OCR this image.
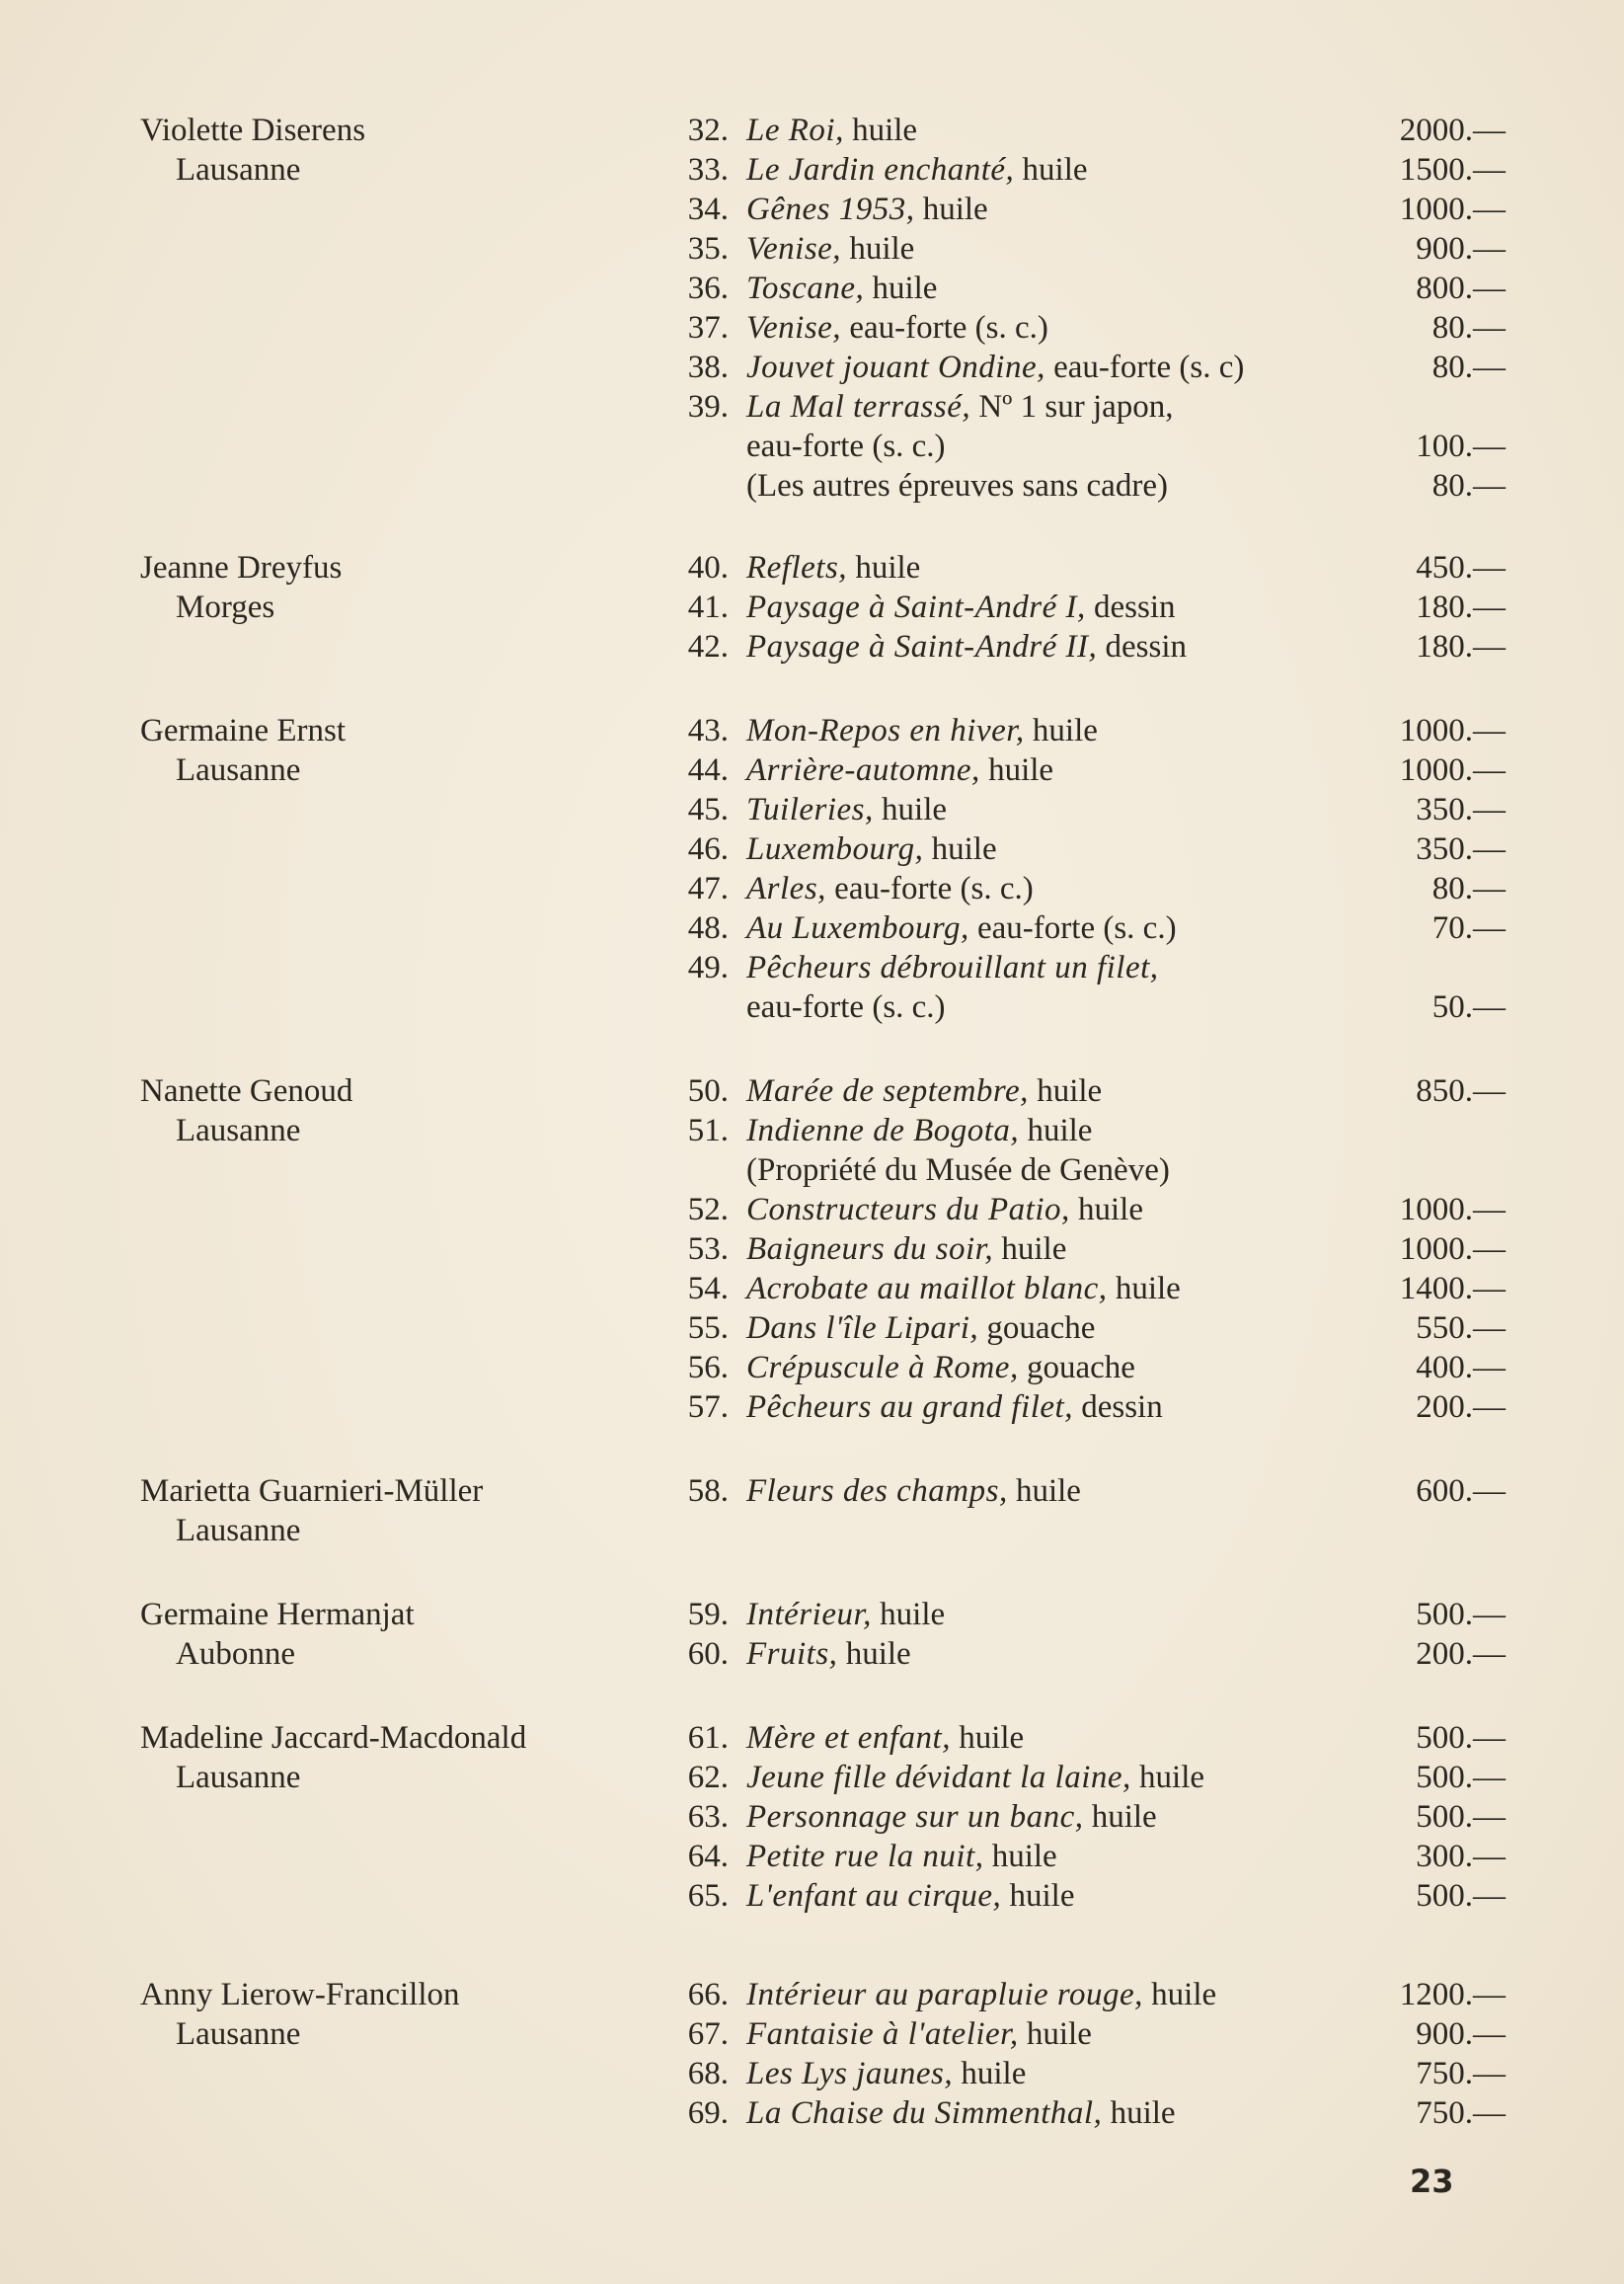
Violette Diserens
Lausanne
32. Le Roi, huile	2000.—
33. Le Jardin enchanté, huile	1500.—
34. Gênes 1953, huile	1000.—
35. Venise, huile	900.—
36. Toscane, huile	800.—
37. Venise, eau-forte (s. c.)	80.—
38. Jouvet jouant Ondine, eau-forte (s. c)	80.—
39. La Mal terrassé, Nº 1 sur japon,
eau-forte (s. c.)	100.—
(Les autres épreuves sans cadre)	80.—
Jeanne Dreyfus
Morges
40. Reflets, huile	450.—
41. Paysage à Saint-André I, dessin	180.—
42. Paysage à Saint-André II, dessin	180.—
Germaine Ernst
Lausanne
43. Mon-Repos en hiver, huile	1000.—
44. Arrière-automne, huile	1000.—
45. Tuileries, huile	350.—
46. Luxembourg, huile	350.—
47. Arles, eau-forte (s. c.)	80.—
48. Au Luxembourg, eau-forte (s. c.)	70.—
49. Pêcheurs débrouillant un filet,
eau-forte (s. c.)	50.—
Nanette Genoud
Lausanne
50. Marée de septembre, huile	850.—
51. Indienne de Bogota, huile
(Propriété du Musée de Genève)
52. Constructeurs du Patio, huile	1000.—
53. Baigneurs du soir, huile	1000.—
54. Acrobate au maillot blanc, huile	1400.—
55. Dans l'île Lipari, gouache	550.—
56. Crépuscule à Rome, gouache	400.—
57. Pêcheurs au grand filet, dessin	200.—
Marietta Guarnieri-Müller
Lausanne
58. Fleurs des champs, huile	600.—
Germaine Hermanjat
Aubonne
59. Intérieur, huile	500.—
60. Fruits, huile	200.—
Madeline Jaccard-Macdonald
Lausanne
61. Mère et enfant, huile	500.—
62. Jeune fille dévidant la laine, huile	500.—
63. Personnage sur un banc, huile	500.—
64. Petite rue la nuit, huile	300.—
65. L'enfant au cirque, huile	500.—
Anny Lierow-Francillon
Lausanne
66. Intérieur au parapluie rouge, huile	1200.—
67. Fantaisie à l'atelier, huile	900.—
68. Les Lys jaunes, huile	750.—
69. La Chaise du Simmenthal, huile	750.—
23
